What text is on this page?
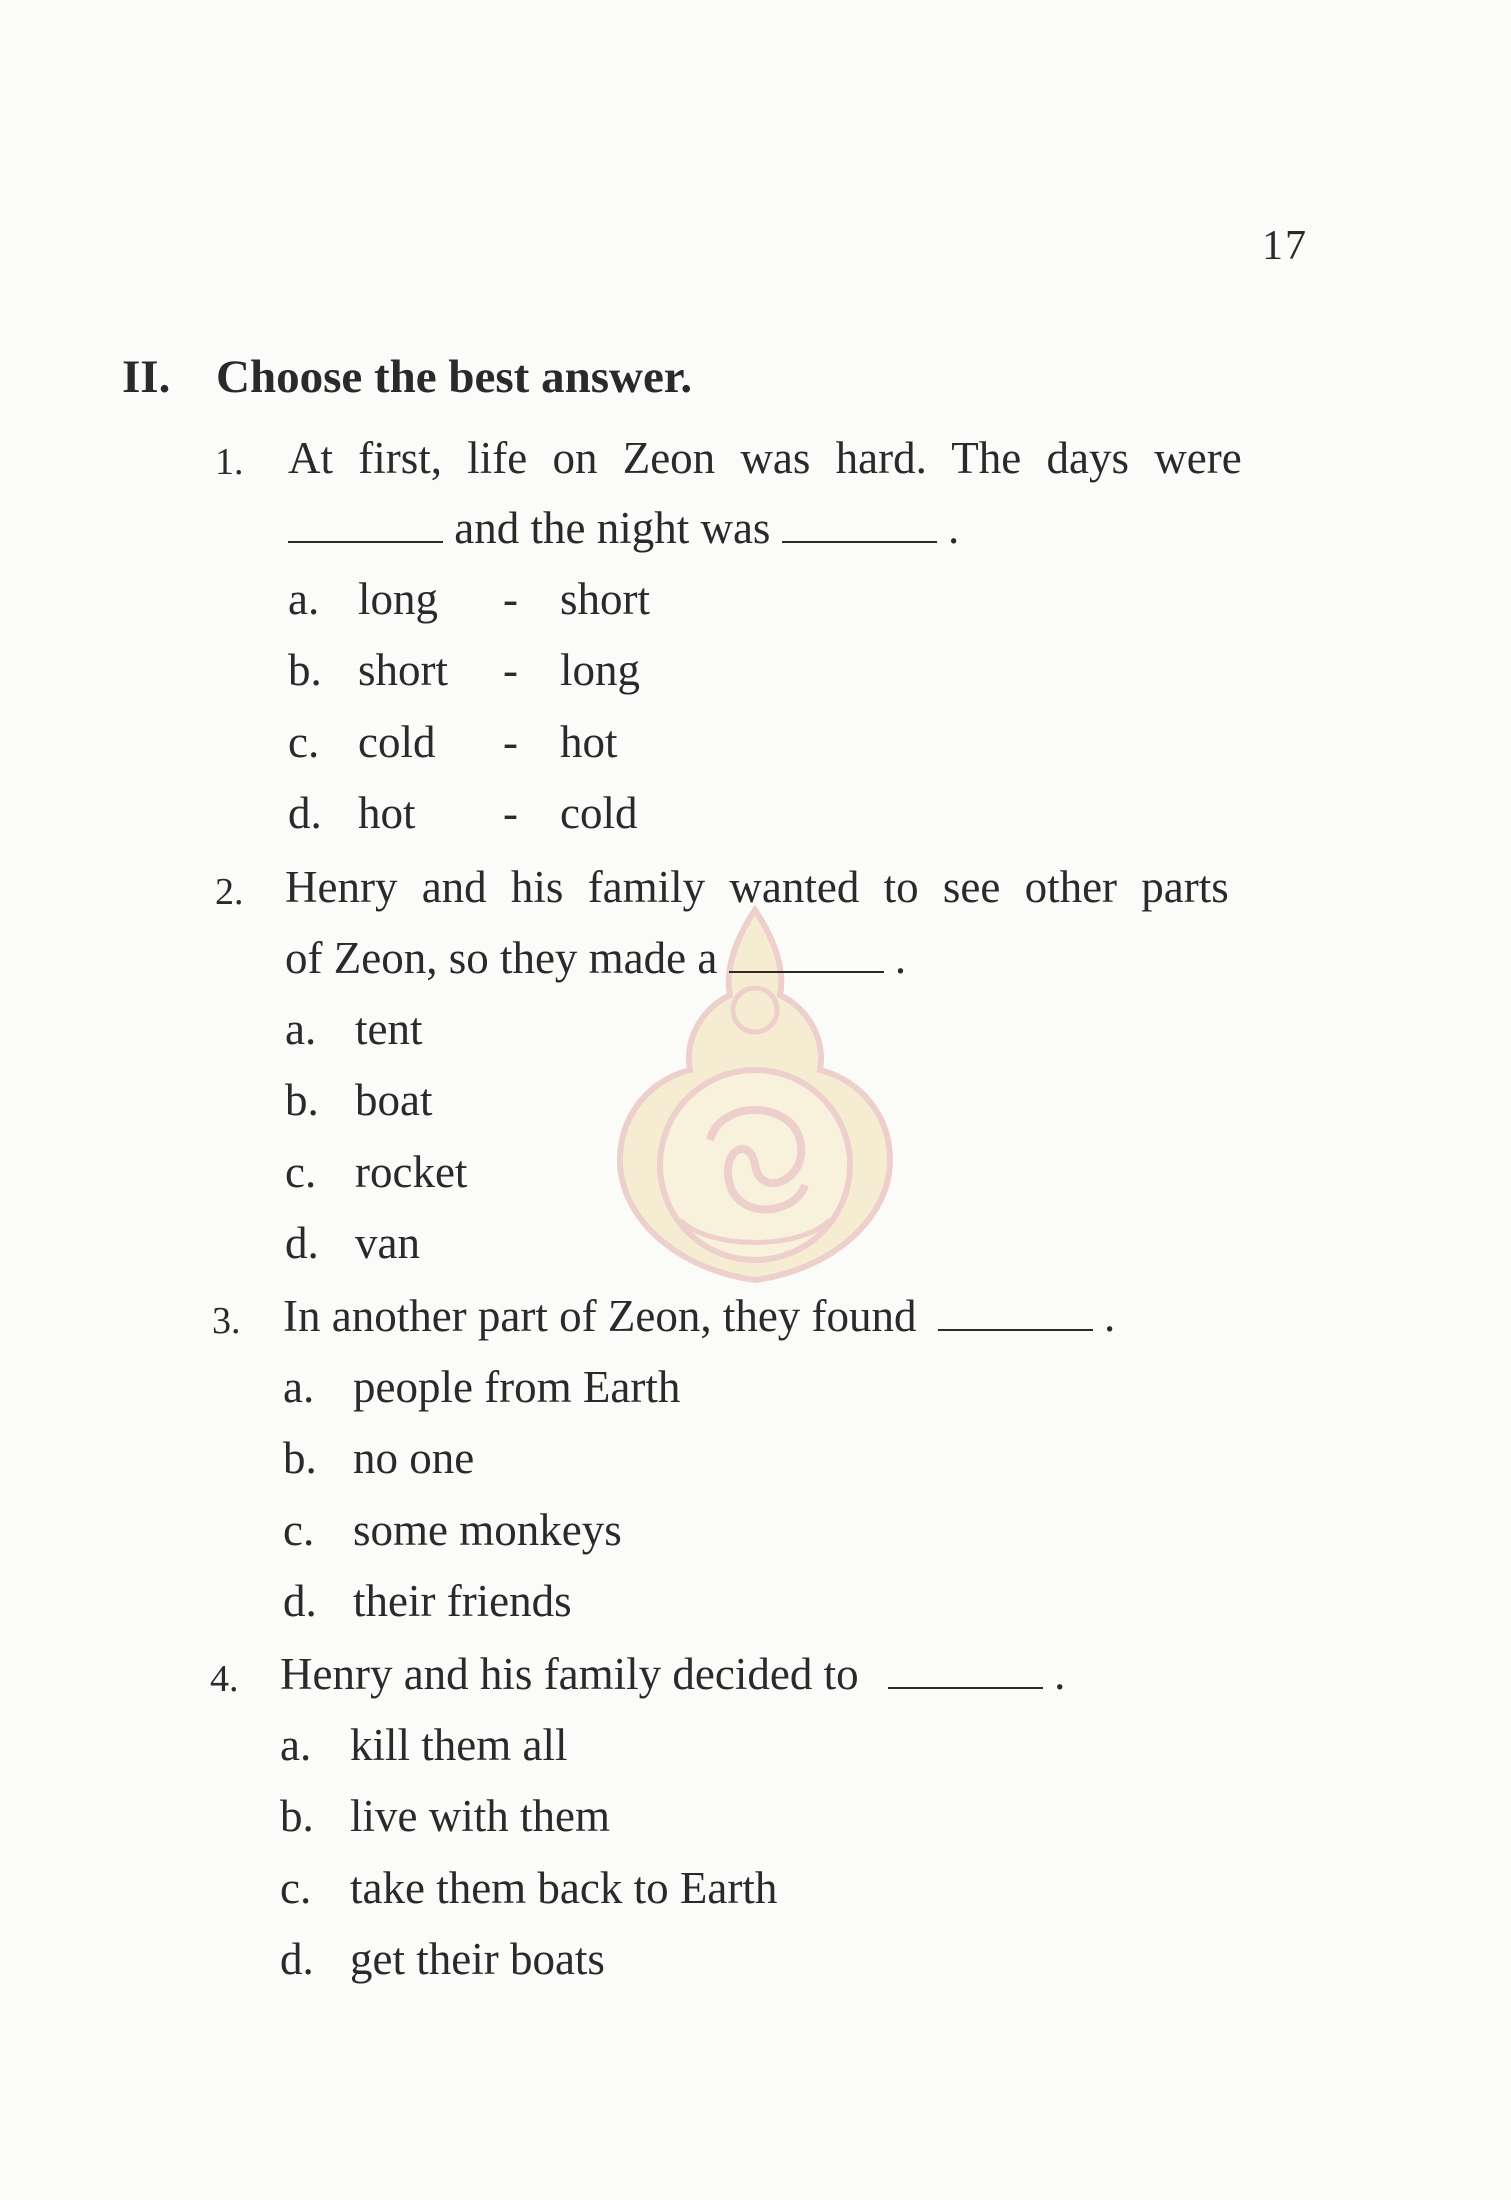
17
II. Choose the best answer.
1. At first, life on Zeon was hard. The days were
and the night was	.
a. long - short
b. short - long
c. cold - hot
d. hot - cold
2. Henry and his family wanted to see other parts
of Zeon, so they made a	.
a. tent
b. boat
c. rocket
d. van
3. In another part of Zeon, they found	.
a. people from Earth
b. no one
c. some monkeys
d. their friends
4. Henry and his family decided to	.
a. kill them all
b. live with them
c. take them back to Earth
d. get their boats
